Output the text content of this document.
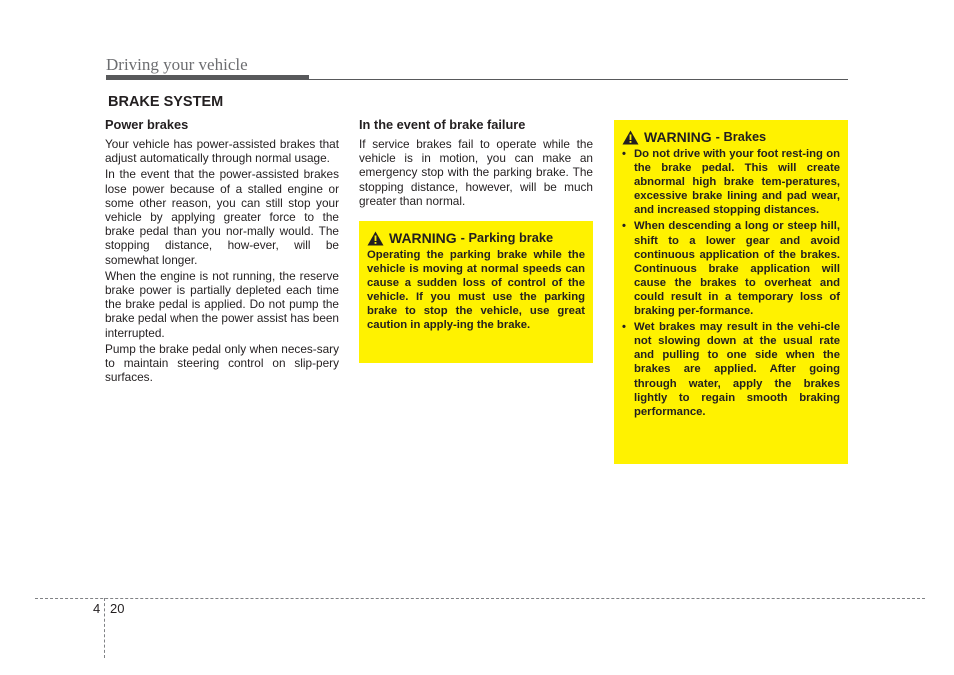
Driving your vehicle
BRAKE SYSTEM
Power brakes

Your vehicle has power-assisted brakes that adjust automatically through normal usage.

In the event that the power-assisted brakes lose power because of a stalled engine or some other reason, you can still stop your vehicle by applying greater force to the brake pedal than you nor-mally would. The stopping distance, how-ever, will be somewhat longer.

When the engine is not running, the reserve brake power is partially depleted each time the brake pedal is applied. Do not pump the brake pedal when the power assist has been interrupted.

Pump the brake pedal only when neces-sary to maintain steering control on slip-pery surfaces.

In the event of brake failure

If service brakes fail to operate while the vehicle is in motion, you can make an emergency stop with the parking brake. The stopping distance, however, will be much greater than normal.

WARNING - Parking brake

Operating the parking brake while the vehicle is moving at normal speeds can cause a sudden loss of control of the vehicle. If you must use the parking brake to stop the vehicle, use great caution in apply-ing the brake.

WARNING - Brakes
• Do not drive with your foot rest-ing on the brake pedal. This will create abnormal high brake tem-peratures, excessive brake lining and pad wear, and increased stopping distances.
• When descending a long or steep hill, shift to a lower gear and avoid continuous application of the brakes. Continuous brake application will cause the brakes to overheat and could result in a temporary loss of braking per-formance.
• Wet brakes may result in the vehi-cle not slowing down at the usual rate and pulling to one side when the brakes are applied. After going through water, apply the brakes lightly to regain smooth braking performance.
4 20
